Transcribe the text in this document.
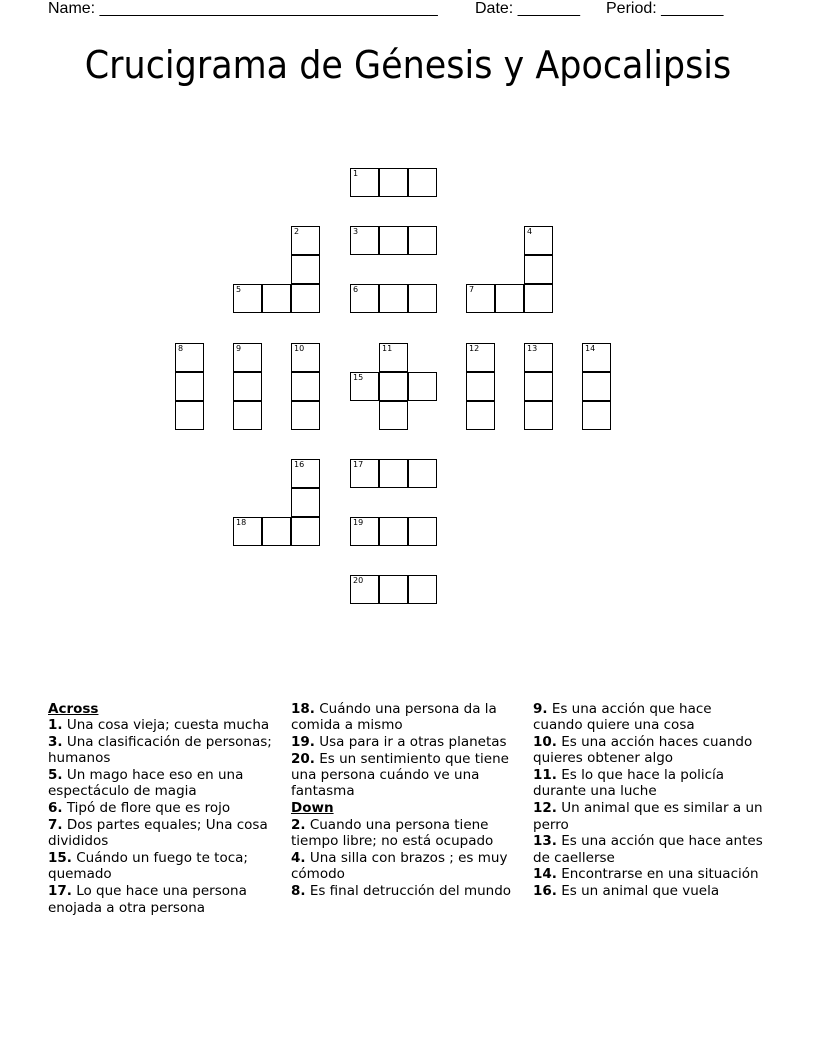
Name: ______________________________________ Date: _______ Period: _______
Crucigrama de Génesis y Apocalipsis
1
2	3	4
5	6	7
8	9	10	11	12	13	14
15
16	17
18	19
20
Across
1. Una cosa vieja; cuesta mucha
3. Una clasificación de personas; humanos
5. Un mago hace eso en una espectáculo de magia
6. Tipó de flore que es rojo
7. Dos partes equales; Una cosa divididos
15. Cuándo un fuego te toca; quemado
17. Lo que hace una persona enojada a otra persona
18. Cuándo una persona da la comida a mismo
19. Usa para ir a otras planetas
20. Es un sentimiento que tiene una persona cuándo ve una fantasma
Down
2. Cuando una persona tiene tiempo libre; no está ocupado
4. Una silla con brazos ; es muy cómodo
8. Es final detrucción del mundo
9. Es una acción que hace cuando quiere una cosa
10. Es una acción haces cuando quieres obtener algo
11. Es lo que hace la policía durante una luche
12. Un animal que es similar a un perro
13. Es una acción que hace antes de caellerse
14. Encontrarse en una situación
16. Es un animal que vuela
